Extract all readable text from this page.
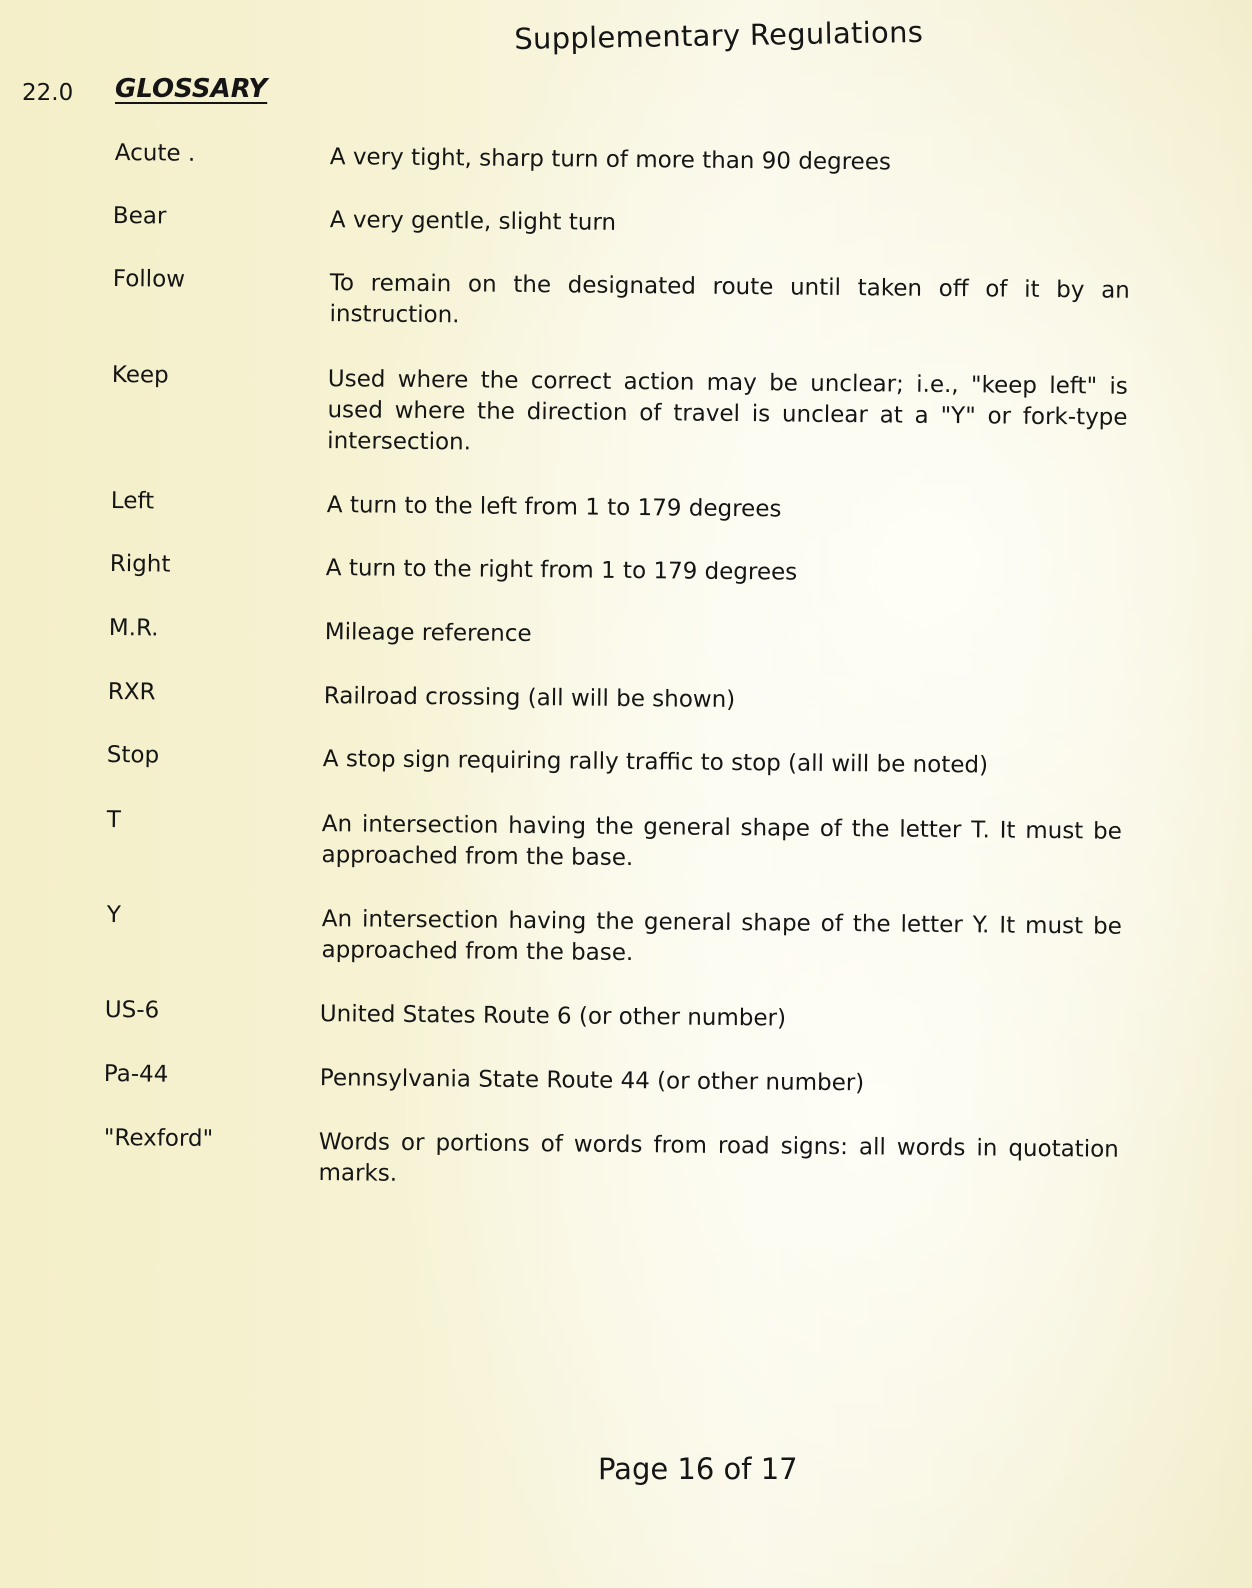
Supplementary Regulations
22.0 GLOSSARY
Acute .	A very tight, sharp turn of more than 90 degrees
Bear	A very gentle, slight turn
Follow	To remain on the designated route until taken off of it by an instruction.
Keep	Used where the correct action may be unclear; i.e., "keep left" is used where the direction of travel is unclear at a "Y" or fork-type intersection.
Left	A turn to the left from 1 to 179 degrees
Right	A turn to the right from 1 to 179 degrees
M.R.	Mileage reference
RXR	Railroad crossing (all will be shown)
Stop	A stop sign requiring rally traffic to stop (all will be noted)
T	An intersection having the general shape of the letter T. It must be approached from the base.
Y	An intersection having the general shape of the letter Y. It must be approached from the base.
US-6	United States Route 6 (or other number)
Pa-44	Pennsylvania State Route 44 (or other number)
"Rexford"	Words or portions of words from road signs: all words in quotation marks.
Page 16 of 17
